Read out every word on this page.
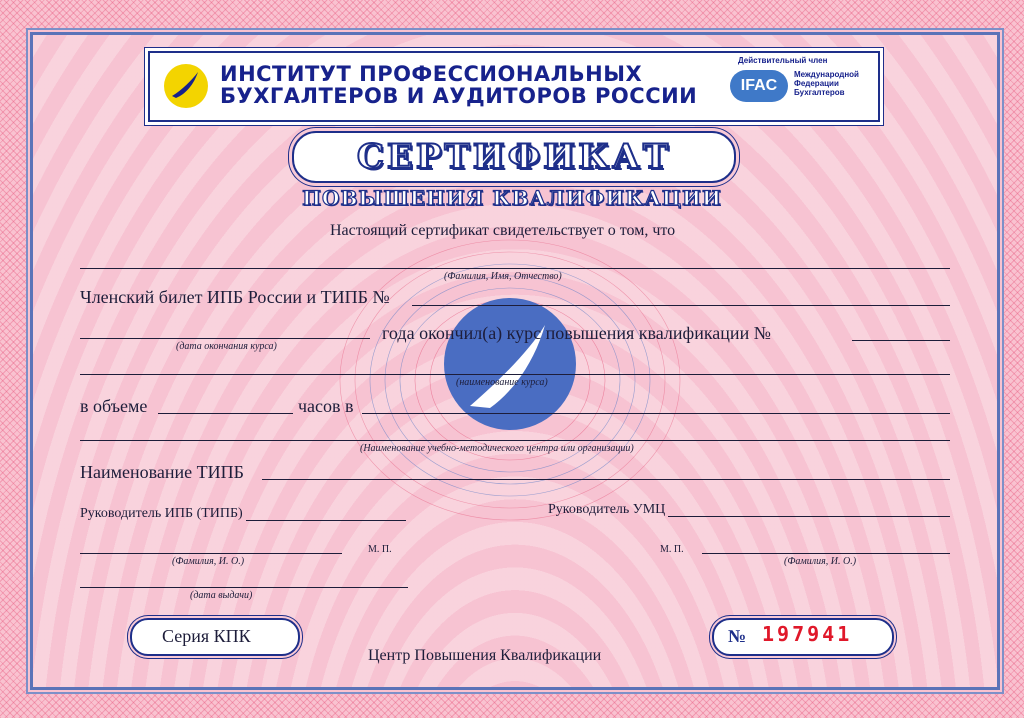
ИНСТИТУТ ПРОФЕССИОНАЛЬНЫХ
БУХГАЛТЕРОВ И АУДИТОРОВ РОССИИ
Действительный член
IFAC
Международной
Федерации
Бухгалтеров
СЕРТИФИКАТ
ПОВЫШЕНИЯ КВАЛИФИКАЦИИ
Настоящий сертификат свидетельствует о том, что
(Фамилия, Имя, Отчество)
Членский билет ИПБ России и ТИПБ №
(дата окончания курса)
года окончил(а) курс повышения квалификации №
(наименование курса)
в объеме	часов в
(Наименование учебно-методического центра или организации)
Наименование ТИПБ
Руководитель ИПБ (ТИПБ)	Руководитель УМЦ
(Фамилия, И. О.)
М. П.	М. П.
(Фамилия, И. О.)
(дата выдачи)
Серия КПК	№ 197941
Центр Повышения Квалификации
